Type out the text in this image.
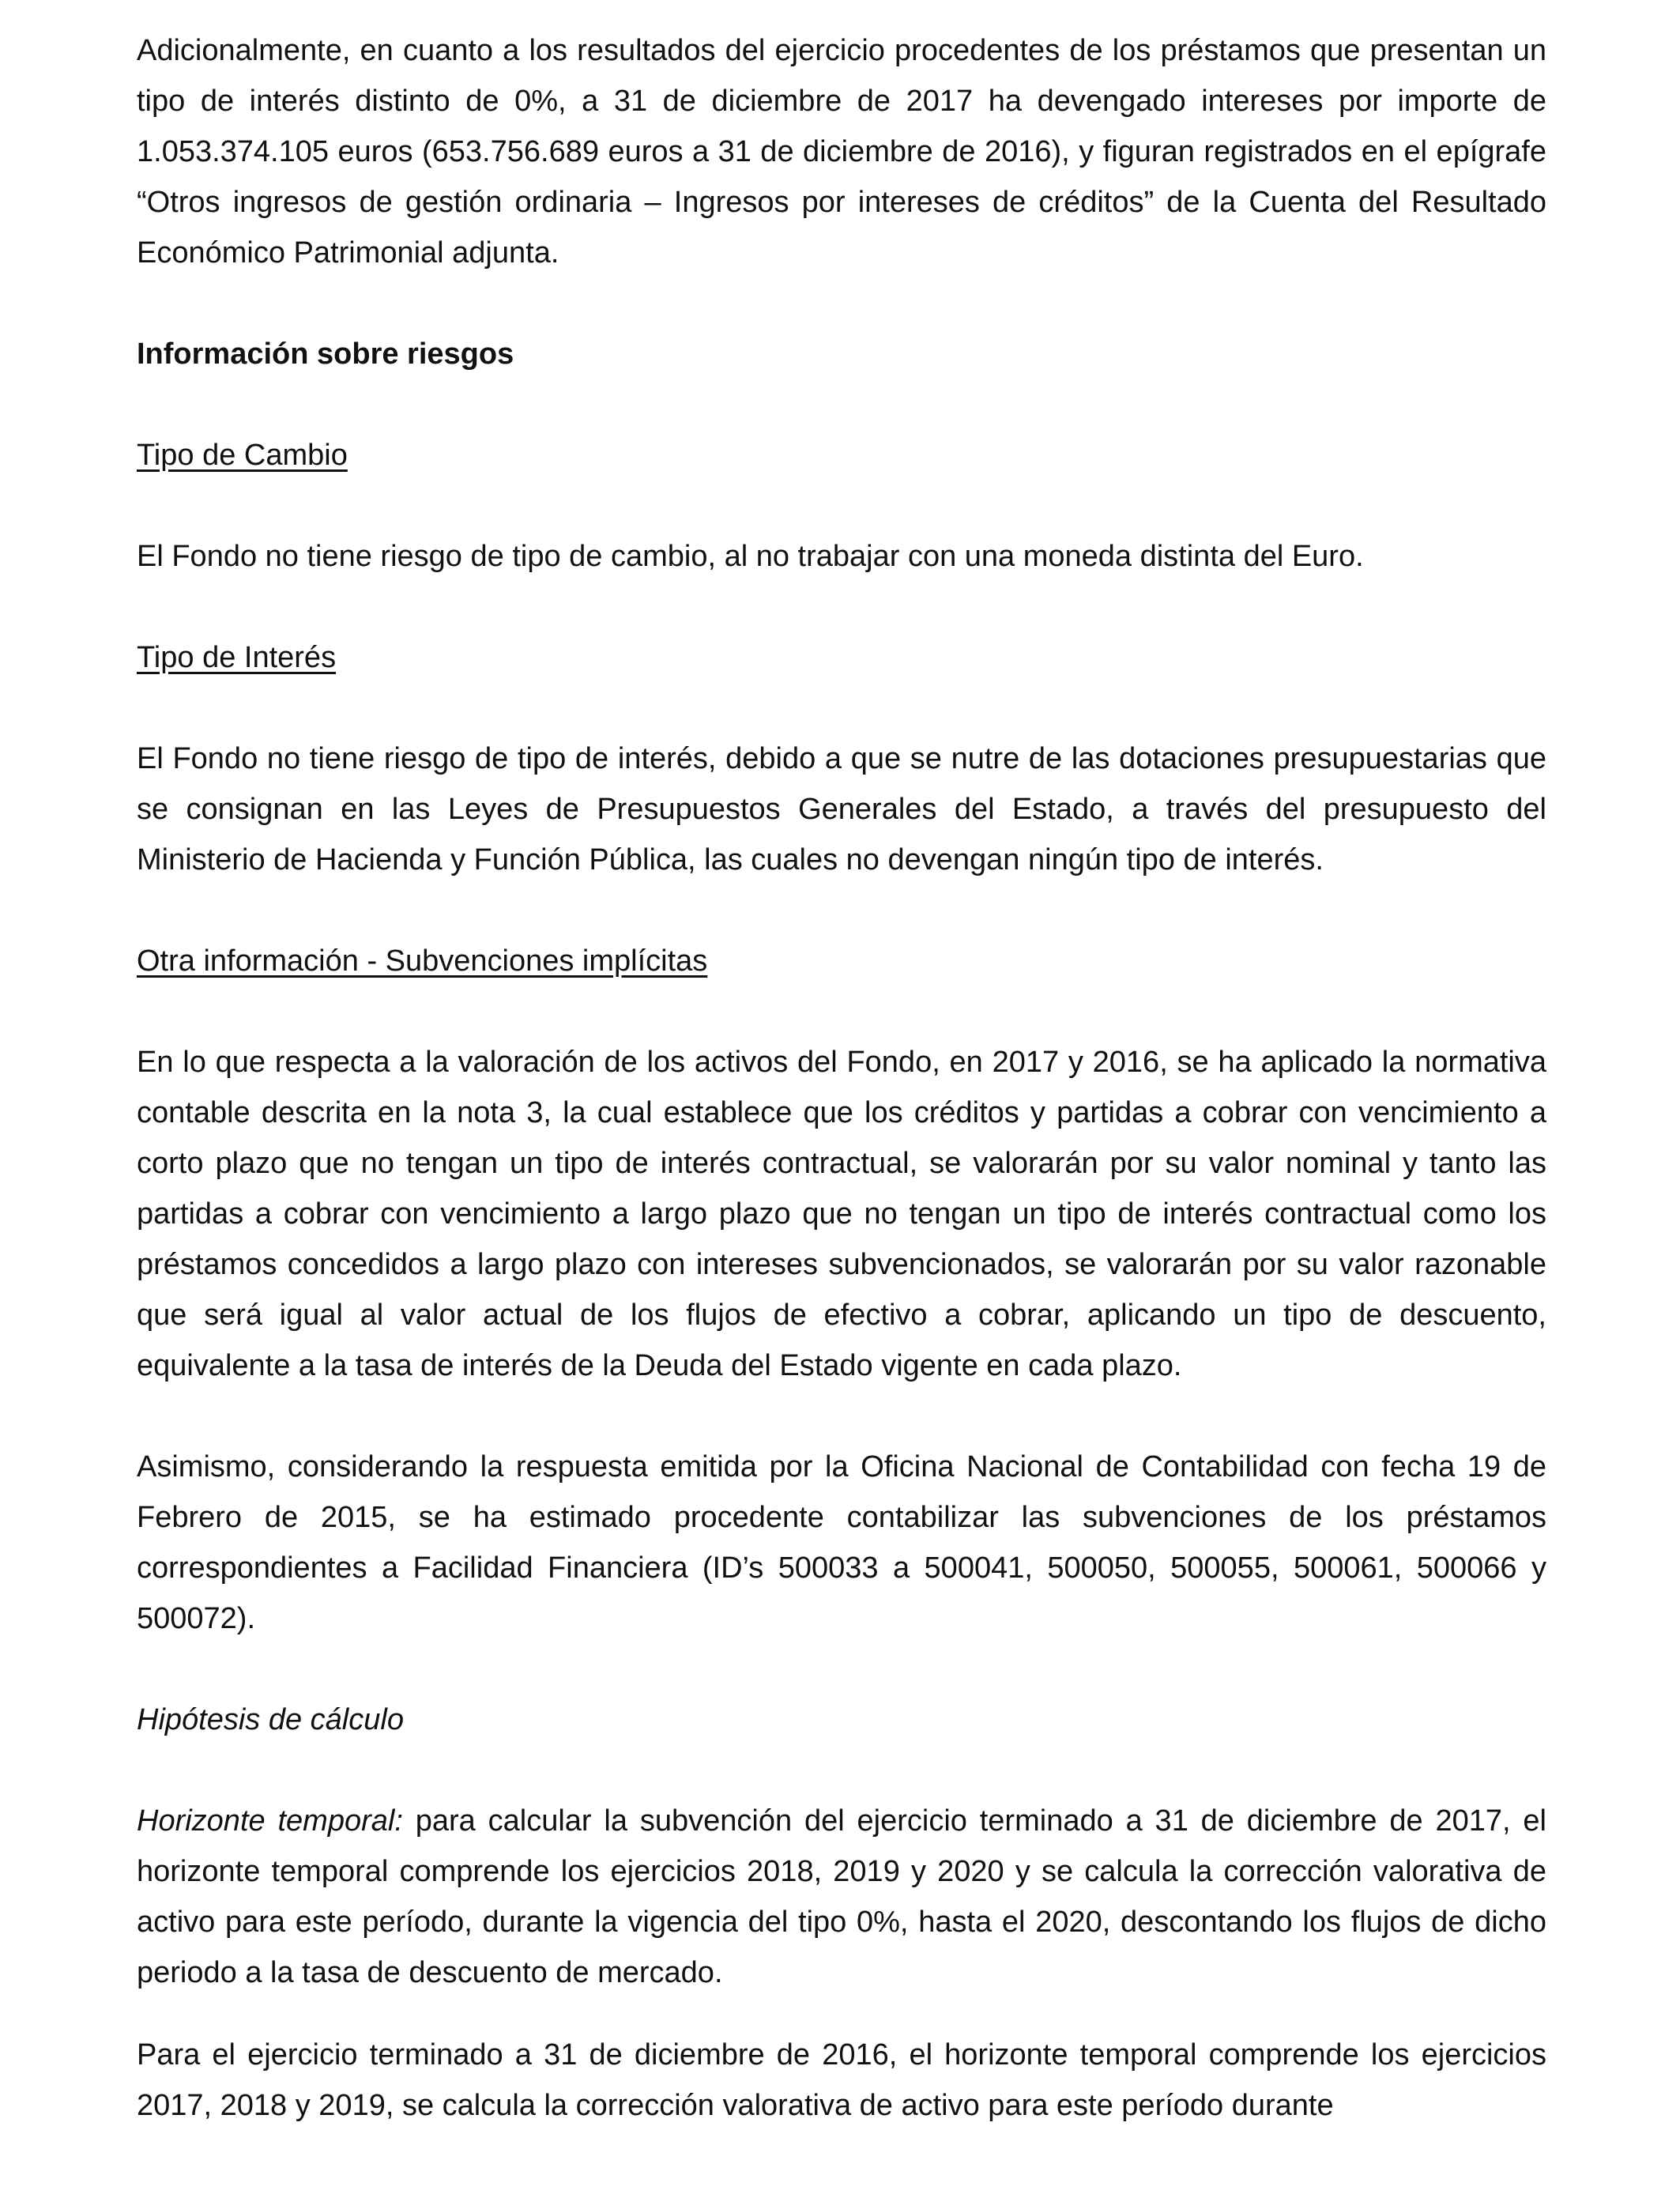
Adicionalmente, en cuanto a los resultados del ejercicio procedentes de los préstamos que presentan un tipo de interés distinto de 0%, a 31 de diciembre de 2017 ha devengado intereses por importe de 1.053.374.105 euros (653.756.689 euros a 31 de diciembre de 2016), y figuran registrados en el epígrafe “Otros ingresos de gestión ordinaria – Ingresos por intereses de créditos” de la Cuenta del Resultado Económico Patrimonial adjunta.

Información sobre riesgos

Tipo de Cambio

El Fondo no tiene riesgo de tipo de cambio, al no trabajar con una moneda distinta del Euro.

Tipo de Interés

El Fondo no tiene riesgo de tipo de interés, debido a que se nutre de las dotaciones presupuestarias que se consignan en las Leyes de Presupuestos Generales del Estado, a través del presupuesto del Ministerio de Hacienda y Función Pública, las cuales no devengan ningún tipo de interés.

Otra información - Subvenciones implícitas

En lo que respecta a la valoración de los activos del Fondo, en 2017 y 2016, se ha aplicado la normativa contable descrita en la nota 3, la cual establece que los créditos y partidas a cobrar con vencimiento a corto plazo que no tengan un tipo de interés contractual, se valorarán por su valor nominal y tanto las partidas a cobrar con vencimiento a largo plazo que no tengan un tipo de interés contractual como los préstamos concedidos a largo plazo con intereses subvencionados, se valorarán por su valor razonable que será igual al valor actual de los flujos de efectivo a cobrar, aplicando un tipo de descuento, equivalente a la tasa de interés de la Deuda del Estado vigente en cada plazo.

Asimismo, considerando la respuesta emitida por la Oficina Nacional de Contabilidad con fecha 19 de Febrero de 2015, se ha estimado procedente contabilizar las subvenciones de los préstamos correspondientes a Facilidad Financiera (ID’s 500033 a 500041, 500050, 500055, 500061, 500066 y 500072).

Hipótesis de cálculo

Horizonte temporal: para calcular la subvención del ejercicio terminado a 31 de diciembre de 2017, el horizonte temporal comprende los ejercicios 2018, 2019 y 2020 y se calcula la corrección valorativa de activo para este período, durante la vigencia del tipo 0%, hasta el 2020, descontando los flujos de dicho periodo a la tasa de descuento de mercado.

Para el ejercicio terminado a 31 de diciembre de 2016, el horizonte temporal comprende los ejercicios 2017, 2018 y 2019, se calcula la corrección valorativa de activo para este período durante
